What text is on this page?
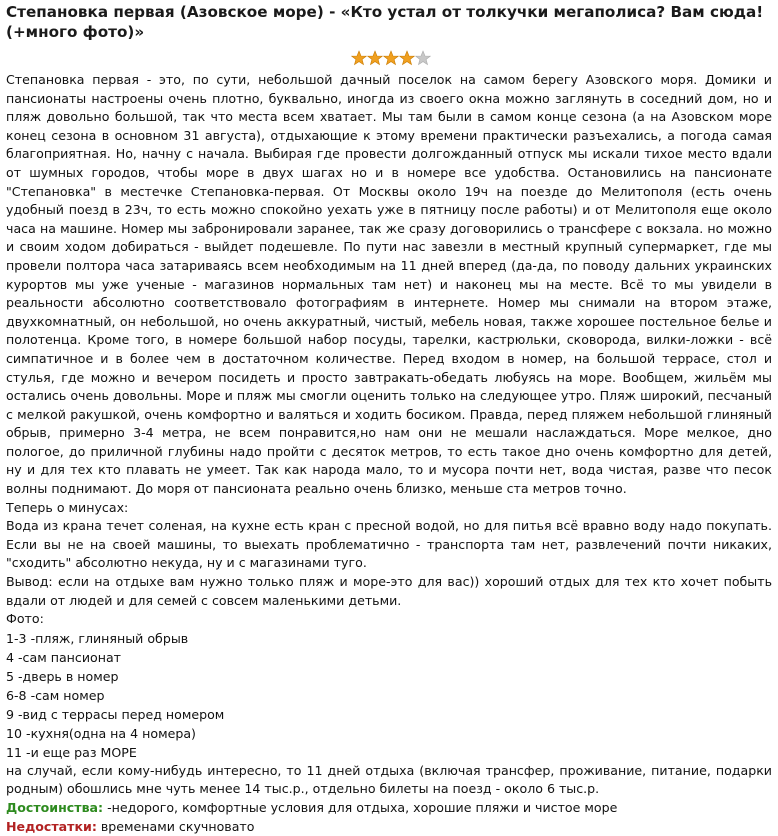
Степановка первая (Азовское море) - «Кто устал от толкучки мегаполиса? Вам сюда! (+много фото)»

Степановка первая - это, по сути, небольшой дачный поселок на самом берегу Азовского моря. Домики и пансионаты настроены очень плотно, буквально, иногда из своего окна можно заглянуть в соседний дом, но и пляж довольно большой, так что места всем хватает. Мы там были в самом конце сезона (а на Азовском море конец сезона в основном 31 августа), отдыхающие к этому времени практически разъехались, а погода самая благоприятная. Но, начну с начала. Выбирая где провести долгожданный отпуск мы искали тихое место вдали от шумных городов, чтобы море в двух шагах но и в номере все удобства. Остановились на пансионате "Степановка" в местечке Степановка-первая. От Москвы около 19ч на поезде до Мелитополя (есть очень удобный поезд в 23ч, то есть можно спокойно уехать уже в пятницу после работы) и от Мелитополя еще около часа на машине. Номер мы забронировали заранее, так же сразу договорились о трансфере с вокзала. но можно и своим ходом добираться - выйдет подешевле. По пути нас завезли в местный крупный супермаркет, где мы провели полтора часа затариваясь всем необходимым на 11 дней вперед (да-да, по поводу дальних украинских курортов мы уже ученые - магазинов нормальных там нет) и наконец мы на месте. Всё то мы увидели в реальности абсолютно соответствовало фотографиям в интернете. Номер мы снимали на втором этаже, двухкомнатный, он небольшой, но очень аккуратный, чистый, мебель новая, также хорошее постельное белье и полотенца. Кроме того, в номере большой набор посуды, тарелки, кастрюльки, сковорода, вилки-ложки - всё симпатичное и в более чем в достаточном количестве. Перед входом в номер, на большой террасе, стол и стулья, где можно и вечером посидеть и просто завтракать-обедать любуясь на море. Вообщем, жильём мы остались очень довольны. Море и пляж мы смогли оценить только на следующее утро. Пляж широкий, песчаный с мелкой ракушкой, очень комфортно и валяться и ходить босиком. Правда, перед пляжем небольшой глиняный обрыв, примерно 3-4 метра, не всем понравится,но нам они не мешали наслаждаться. Море мелкое, дно пологое, до приличной глубины надо пройти с десяток метров, то есть такое дно очень комфортно для детей, ну и для тех кто плавать не умеет. Так как народа мало, то и мусора почти нет, вода чистая, разве что песок волны поднимают. До моря от пансионата реально очень близко, меньше ста метров точно.

Теперь о минусах:

Вода из крана течет соленая, на кухне есть кран с пресной водой, но для питья всё вравно воду надо покупать. Если вы не на своей машины, то выехать проблематично - транспорта там нет, развлечений почти никаких, "сходить" абсолютно некуда, ну и с магазинами туго.

Вывод: если на отдыхе вам нужно только пляж и море-это для вас)) хороший отдых для тех кто хочет побыть вдали от людей и для семей с совсем маленькими детьми.

Фото:

1-3 -пляж, глиняный обрыв

4 -сам пансионат

5 -дверь в номер

6-8 -сам номер

9 -вид с террасы перед номером

10 -кухня(одна на 4 номера)

11 -и еще раз МОРЕ

на случай, если кому-нибудь интересно, то 11 дней отдыха (включая трансфер, проживание, питание, подарки родным) обошлись мне чуть менее 14 тыс.р., отдельно билеты на поезд - около 6 тыс.р.

Достоинства: -недорого, комфортные условия для отдыха, хорошие пляжи и чистое море

Недостатки: временами скучновато
